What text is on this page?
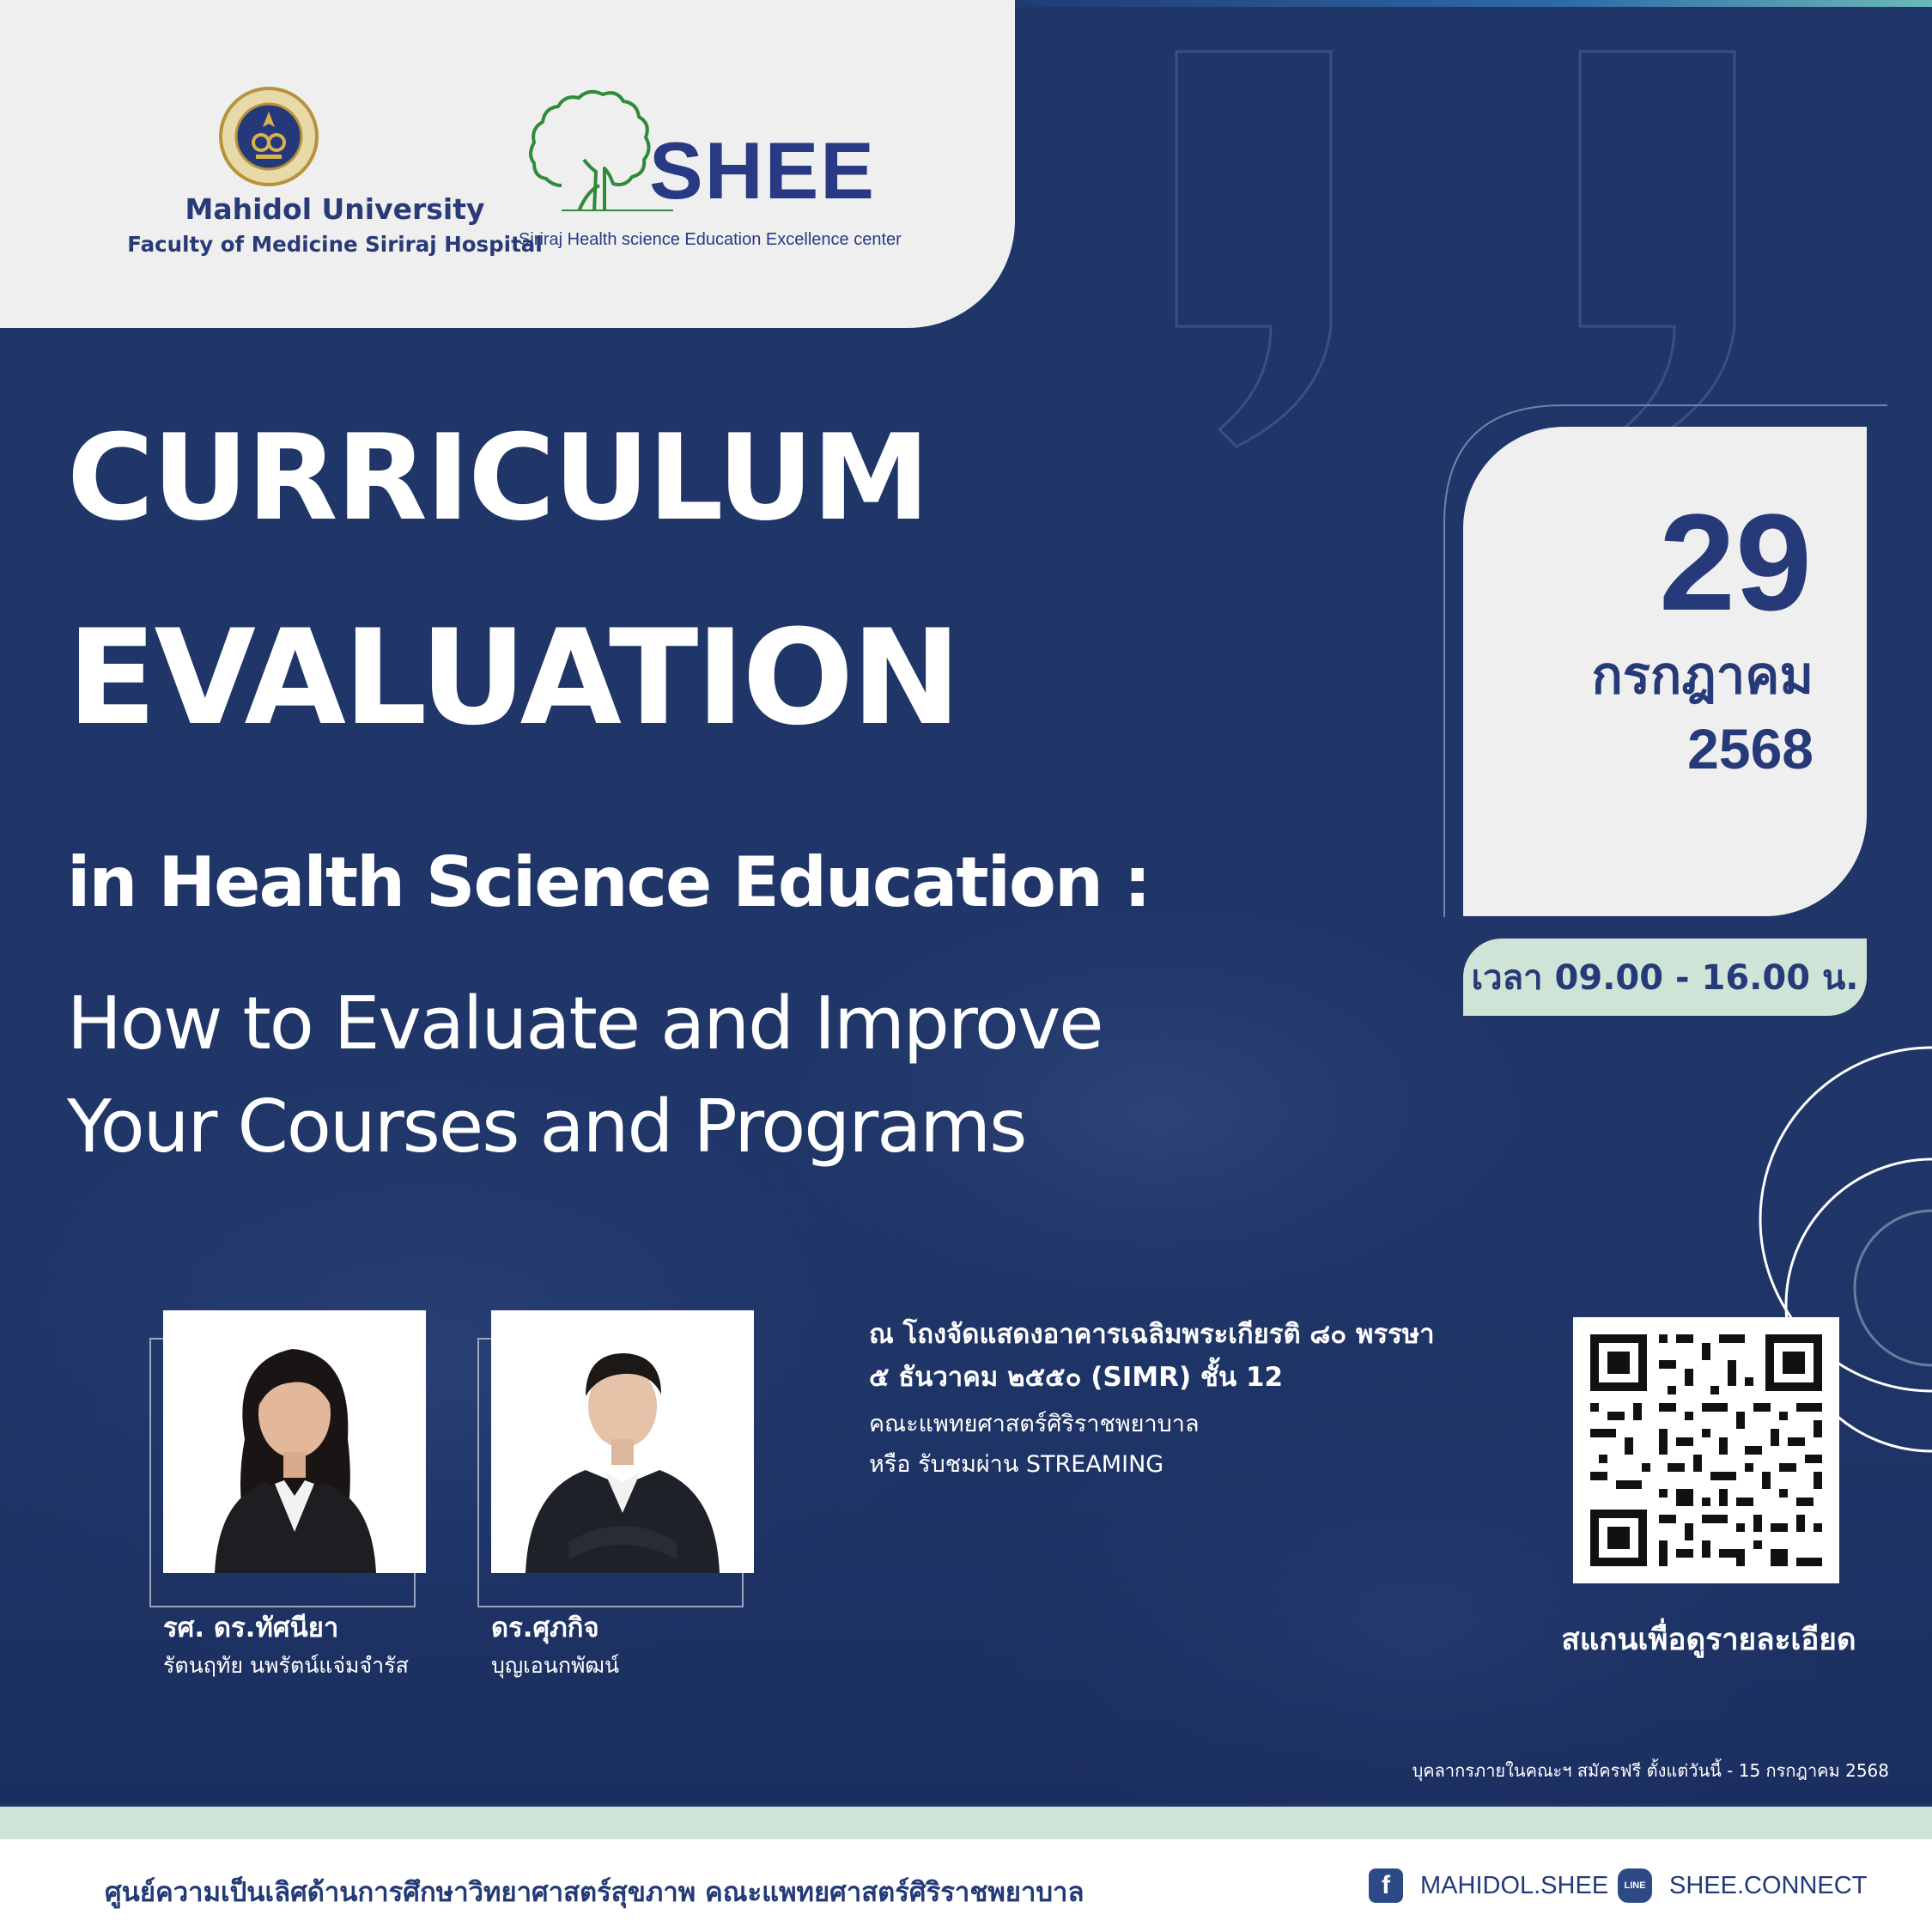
Mahidol University
Faculty of Medicine Siriraj Hospital
SHEE
Siriraj Health science Education Excellence center
CURRICULUM
EVALUATION
in Health Science Education :
How to Evaluate and Improve
Your Courses and Programs
29
กรกฎาคม
2568
เวลา 09.00 - 16.00 น.
รศ. ดร.ทัศนียา
รัตนฤทัย นพรัตน์แจ่มจำรัส
ดร.ศุภกิจ
บุญเอนกพัฒน์
ณ โถงจัดแสดงอาคารเฉลิมพระเกียรติ ๘๐ พรรษา
๕ ธันวาคม ๒๕๕๐ (SIMR) ชั้น 12
คณะแพทยศาสตร์ศิริราชพยาบาล
หรือ รับชมผ่าน STREAMING
สแกนเพื่อดูรายละเอียด
บุคลากรภายในคณะฯ สมัครฟรี ตั้งแต่วันนี้ - 15 กรกฎาคม 2568
ศูนย์ความเป็นเลิศด้านการศึกษาวิทยาศาสตร์สุขภาพ คณะแพทยศาสตร์ศิริราชพยาบาล	f	MAHIDOL.SHEE	LINE SHEE.CONNECT
